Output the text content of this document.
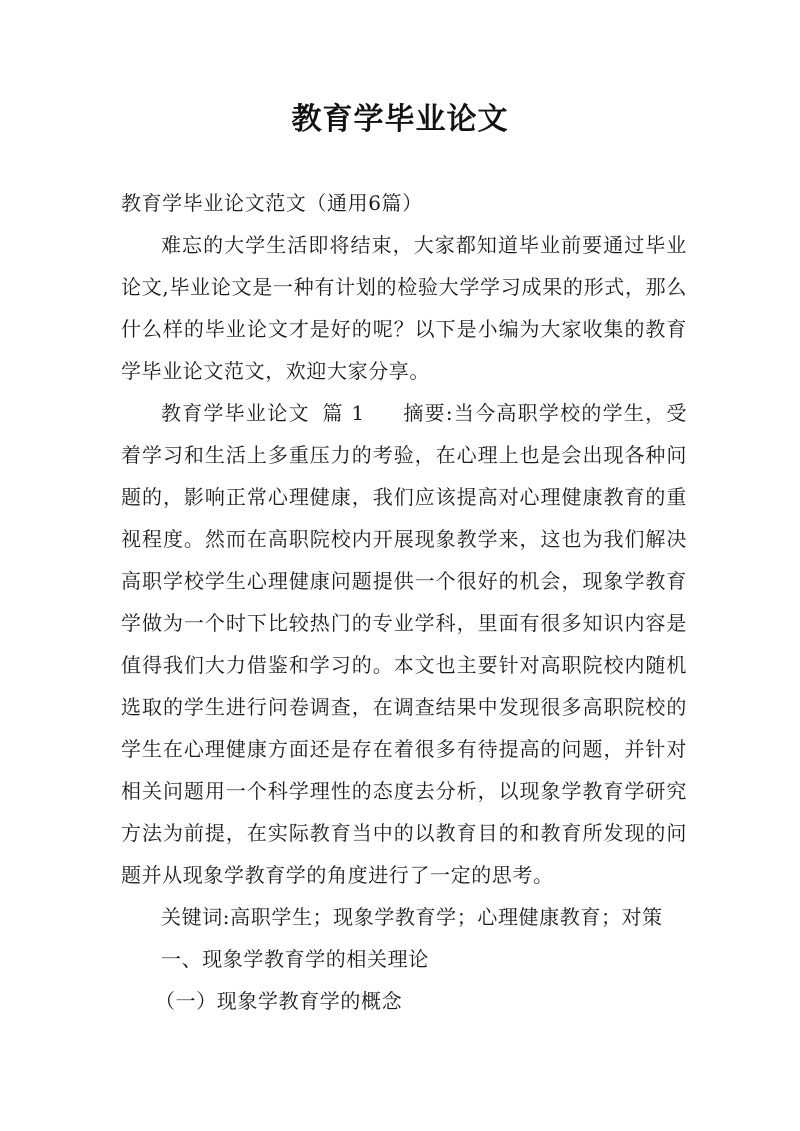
教育学毕业论文

教育学毕业论文范文（通用6篇）

难忘的大学生活即将结束，大家都知道毕业前要通过毕业论文,毕业论文是一种有计划的检验大学学习成果的形式，那么什么样的毕业论文才是好的呢？以下是小编为大家收集的教育学毕业论文范文，欢迎大家分享。

教育学毕业论文 篇 1 摘要:当今高职学校的学生，受着学习和生活上多重压力的考验，在心理上也是会出现各种问题的，影响正常心理健康，我们应该提高对心理健康教育的重视程度。然而在高职院校内开展现象教学来，这也为我们解决高职学校学生心理健康问题提供一个很好的机会，现象学教育学做为一个时下比较热门的专业学科，里面有很多知识内容是值得我们大力借鉴和学习的。本文也主要针对高职院校内随机选取的学生进行问卷调查，在调查结果中发现很多高职院校的学生在心理健康方面还是存在着很多有待提高的问题，并针对相关问题用一个科学理性的态度去分析，以现象学教育学研究方法为前提，在实际教育当中的以教育目的和教育所发现的问题并从现象学教育学的角度进行了一定的思考。

关键词:高职学生；现象学教育学；心理健康教育；对策

一、现象学教育学的相关理论

（一）现象学教育学的概念
